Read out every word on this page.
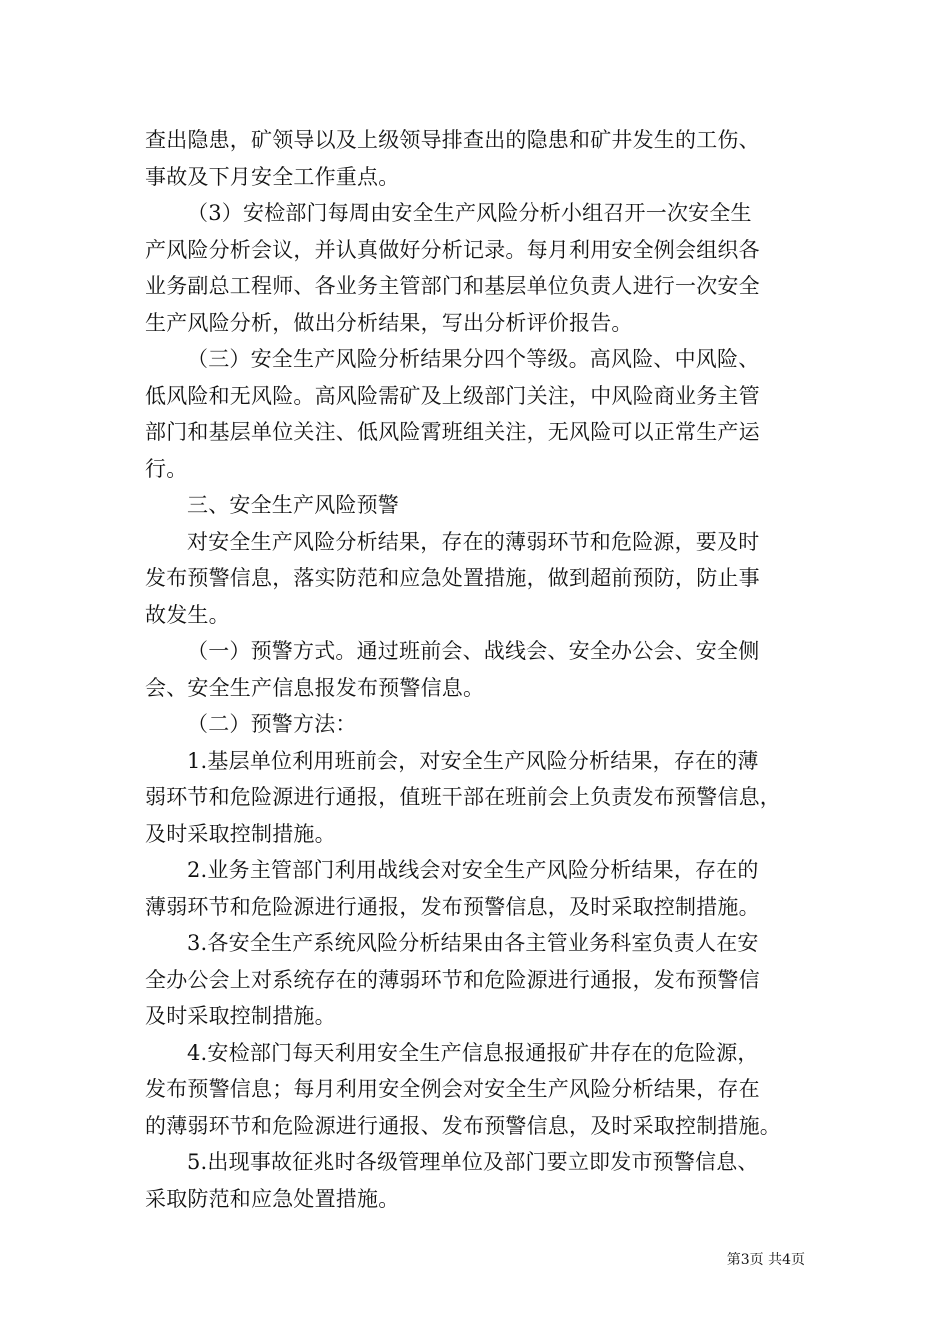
查出隐患，矿领导以及上级领导排查出的隐患和矿井发生的工伤、
事故及下月安全工作重点。
（3）安检部门每周由安全生产风险分析小组召开一次安全生
产风险分析会议，并认真做好分析记录。每月利用安全例会组织各
业务副总工程师、各业务主管部门和基层单位负责人进行一次安全
生产风险分析，做出分析结果，写出分析评价报告。
（三）安全生产风险分析结果分四个等级。高风险、中风险、
低风险和无风险。高风险需矿及上级部门关注，中风险商业务主管
部门和基层单位关注、低风险霄班组关注，无风险可以正常生产运
行。
三、安全生产风险预警
对安全生产风险分析结果，存在的薄弱环节和危险源，要及时
发布预警信息，落实防范和应急处置措施，做到超前预防，防止事
故发生。
（一）预警方式。通过班前会、战线会、安全办公会、安全侧
会、安全生产信息报发布预警信息。
（二）预警方法：
1.基层单位利用班前会，对安全生产风险分析结果，存在的薄
弱环节和危险源进行通报，值班干部在班前会上负责发布预警信息，
及时采取控制措施。
2.业务主管部门利用战线会对安全生产风险分析结果，存在的
薄弱环节和危险源进行通报，发布预警信息，及时采取控制措施。
3.各安全生产系统风险分析结果由各主管业务科室负责人在安
全办公会上对系统存在的薄弱环节和危险源进行通报，发布预警信
及时采取控制措施。
4.安检部门每天利用安全生产信息报通报矿井存在的危险源，
发布预警信息；每月利用安全例会对安全生产风险分析结果，存在
的薄弱环节和危险源进行通报、发布预警信息，及时采取控制措施。
5.出现事故征兆时各级管理单位及部门要立即发市预警信息、
采取防范和应急处置措施。
第3页 共4页
